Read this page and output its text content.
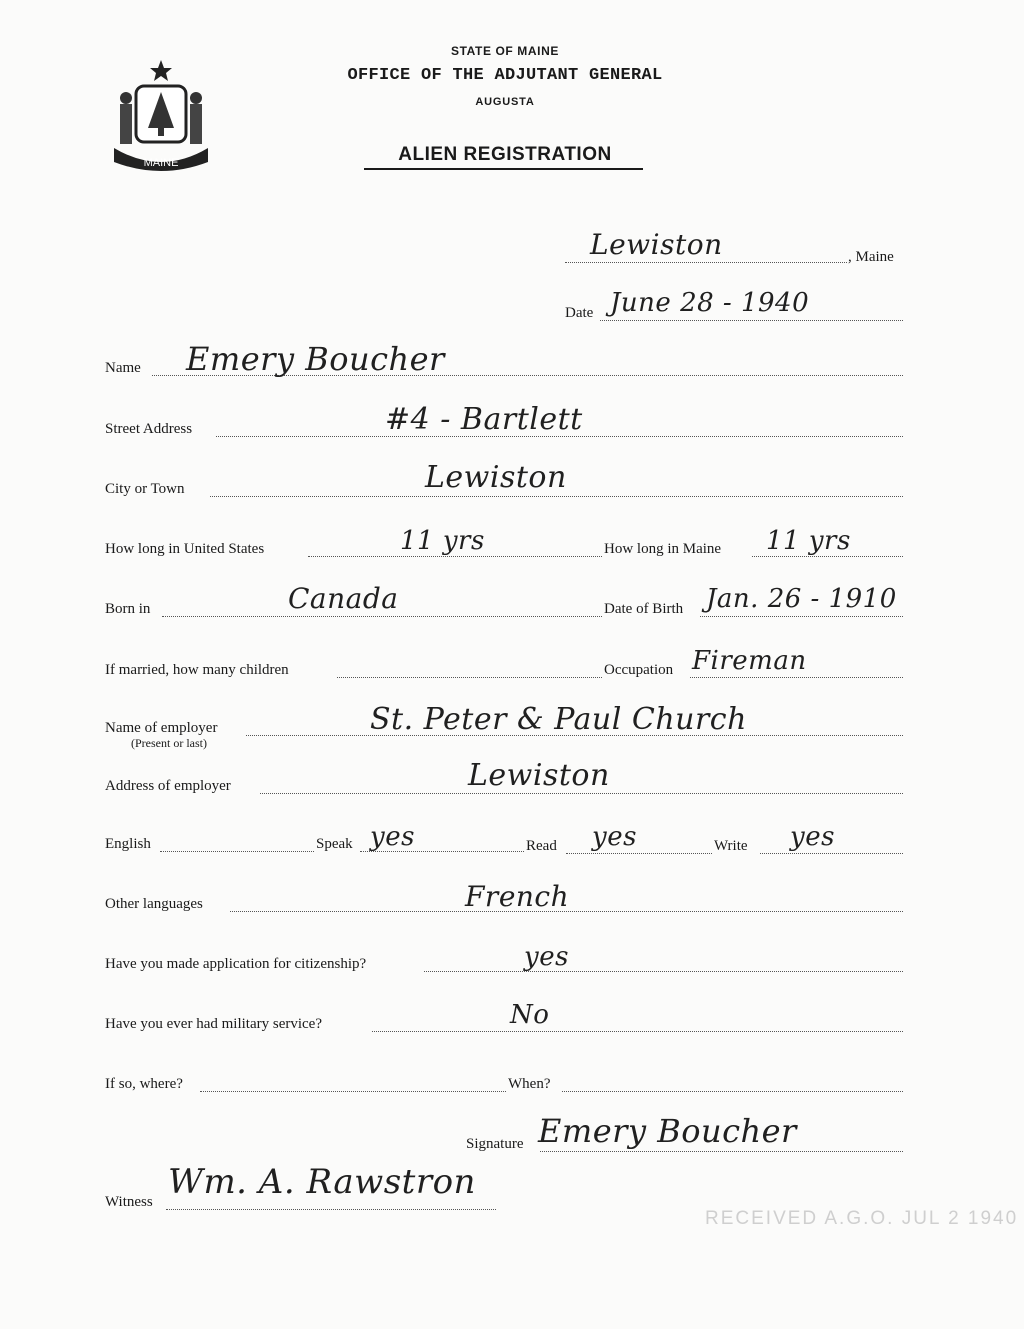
MAINE
STATE OF MAINE
OFFICE OF THE ADJUTANT GENERAL
AUGUSTA
ALIEN REGISTRATION
Lewiston	, Maine
Date June 28 - 1940
Name Emery Boucher
Street Address	#4 - Bartlett
City or Town	Lewiston
How long in United States	11 yrs	How long in Maine 11 yrs
Born in	Canada	Date of Birth Jan. 26 - 1910
If married, how many children	Occupation Fireman
Name of employer
(Present or last)
St. Peter & Paul Church
Address of employer	Lewiston
English	Speak yes	Read yes	Write yes
Other languages	French
Have you made application for citizenship?	yes
Have you ever had military service?	No
If so, where?	When?
Signature Emery Boucher
Witness Wm. A. Rawstron
RECEIVED A.G.O. JUL 2 1940
